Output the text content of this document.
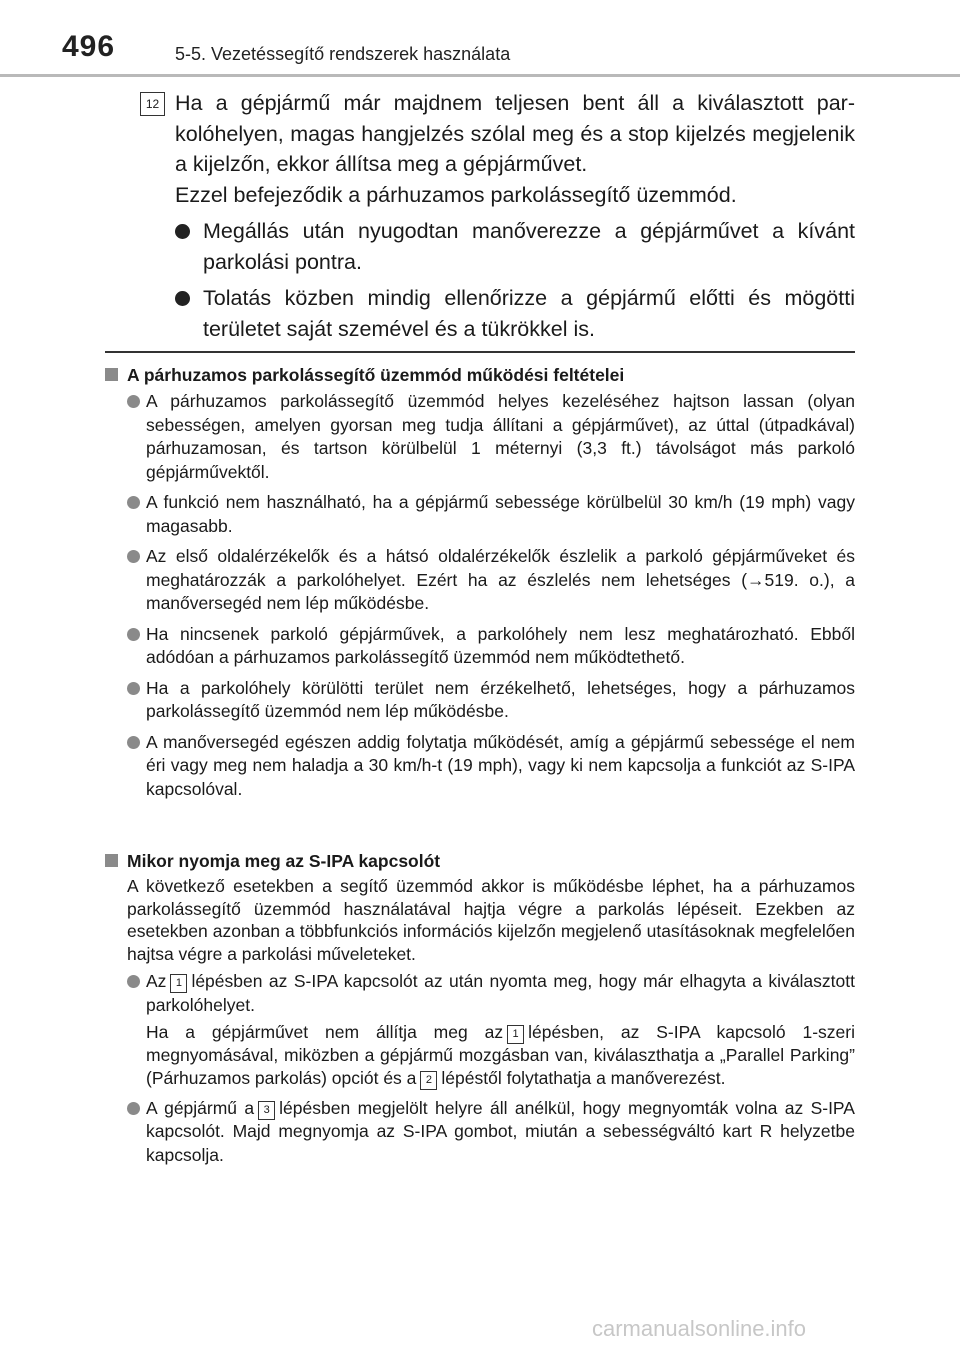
496	5-5. Vezetéssegítő rendszerek használata
12 Ha a gépjármű már majdnem teljesen bent áll a kiválasztott parkolóhelyen, magas hangjelzés szólal meg és a stop kijelzés megjelenik a kijelzőn, ekkor állítsa meg a gépjárművet.

Ezzel befejeződik a párhuzamos parkolássegítő üzemmód.

Megállás után nyugodtan manőverezze a gépjárművet a kívánt parkolási pontra.
Tolatás közben mindig ellenőrizze a gépjármű előtti és mögötti területet saját szemével és a tükrökkel is.

A párhuzamos parkolássegítő üzemmód működési feltételei

A párhuzamos parkolássegítő üzemmód helyes kezeléséhez hajtson lassan (olyan sebességen, amelyen gyorsan meg tudja állítani a gépjárművet), az úttal (útpadkával) párhuzamosan, és tartson körülbelül 1 méternyi (3,3 ft.) távolságot más parkoló gépjárművektől.
A funkció nem használható, ha a gépjármű sebessége körülbelül 30 km/h (19 mph) vagy magasabb.
Az első oldalérzékelők és a hátsó oldalérzékelők észlelik a parkoló gépjárműveket és meghatározzák a parkolóhelyet. Ezért ha az észlelés nem lehetséges (→519. o.), a manőversegéd nem lép működésbe.
Ha nincsenek parkoló gépjárművek, a parkolóhely nem lesz meghatározható. Ebből adódóan a párhuzamos parkolássegítő üzemmód nem működtethető.
Ha a parkolóhely körülötti terület nem érzékelhető, lehetséges, hogy a párhuzamos parkolássegítő üzemmód nem lép működésbe.
A manőversegéd egészen addig folytatja működését, amíg a gépjármű sebessége el nem éri vagy meg nem haladja a 30 km/h-t (19 mph), vagy ki nem kapcsolja a funkciót az S-IPA kapcsolóval.

Mikor nyomja meg az S-IPA kapcsolót

A következő esetekben a segítő üzemmód akkor is működésbe léphet, ha a párhuzamos parkolássegítő üzemmód használatával hajtja végre a parkolás lépéseit. Ezekben az esetekben azonban a többfunkciós információs kijelzőn megjelenő utasításoknak megfelelően hajtsa végre a parkolási műveleteket.

Az 1 lépésben az S-IPA kapcsolót az után nyomta meg, hogy már elhagyta a kiválasztott parkolóhelyet.

Ha a gépjárművet nem állítja meg az 1 lépésben, az S-IPA kapcsoló 1-szeri megnyomásával, miközben a gépjármű mozgásban van, kiválaszthatja a „Parallel Parking” (Párhuzamos parkolás) opciót és a 2 lépéstől folytathatja a manőverezést.

A gépjármű a 3 lépésben megjelölt helyre áll anélkül, hogy megnyomták volna az S-IPA kapcsolót. Majd megnyomja az S-IPA gombot, miután a sebességváltó kart R helyzetbe kapcsolja.
carmanualsonline.info
